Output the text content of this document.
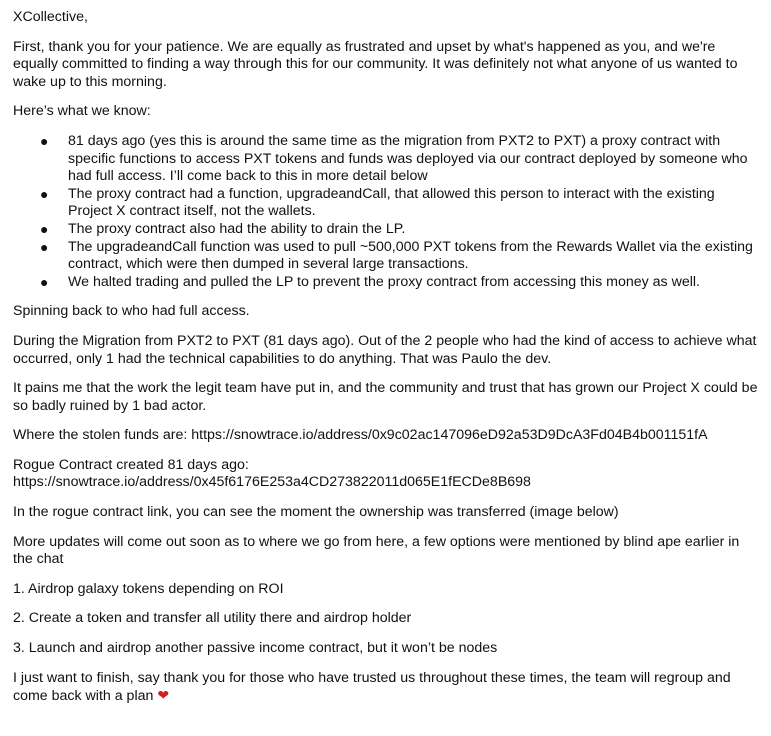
XCollective,

First, thank you for your patience. We are equally as frustrated and upset by what's happened as you, and we're equally committed to finding a way through this for our community. It was definitely not what anyone of us wanted to wake up to this morning.

Here’s what we know:

● 81 days ago (yes this is around the same time as the migration from PXT2 to PXT) a proxy contract with specific functions to access PXT tokens and funds was deployed via our contract deployed by someone who had full access. I’ll come back to this in more detail below
● The proxy contract had a function, upgradeandCall, that allowed this person to interact with the existing Project X contract itself, not the wallets.
● The proxy contract also had the ability to drain the LP.
● The upgradeandCall function was used to pull ~500,000 PXT tokens from the Rewards Wallet via the existing contract, which were then dumped in several large transactions.
● We halted trading and pulled the LP to prevent the proxy contract from accessing this money as well.

Spinning back to who had full access.

During the Migration from PXT2 to PXT (81 days ago). Out of the 2 people who had the kind of access to achieve what occurred, only 1 had the technical capabilities to do anything. That was Paulo the dev.

It pains me that the work the legit team have put in, and the community and trust that has grown our Project X could be so badly ruined by 1 bad actor.

Where the stolen funds are: https://snowtrace.io/address/0x9c02ac147096eD92a53D9DcA3Fd04B4b001151fA

Rogue Contract created 81 days ago:

https://snowtrace.io/address/0x45f6176E253a4CD273822011d065E1fECDe8B698

In the rogue contract link, you can see the moment the ownership was transferred (image below)

More updates will come out soon as to where we go from here, a few options were mentioned by blind ape earlier in the chat

1. Airdrop galaxy tokens depending on ROI

2. Create a token and transfer all utility there and airdrop holder

3. Launch and airdrop another passive income contract, but it won’t be nodes

I just want to finish, say thank you for those who have trusted us throughout these times, the team will regroup and come back with a plan ❤
